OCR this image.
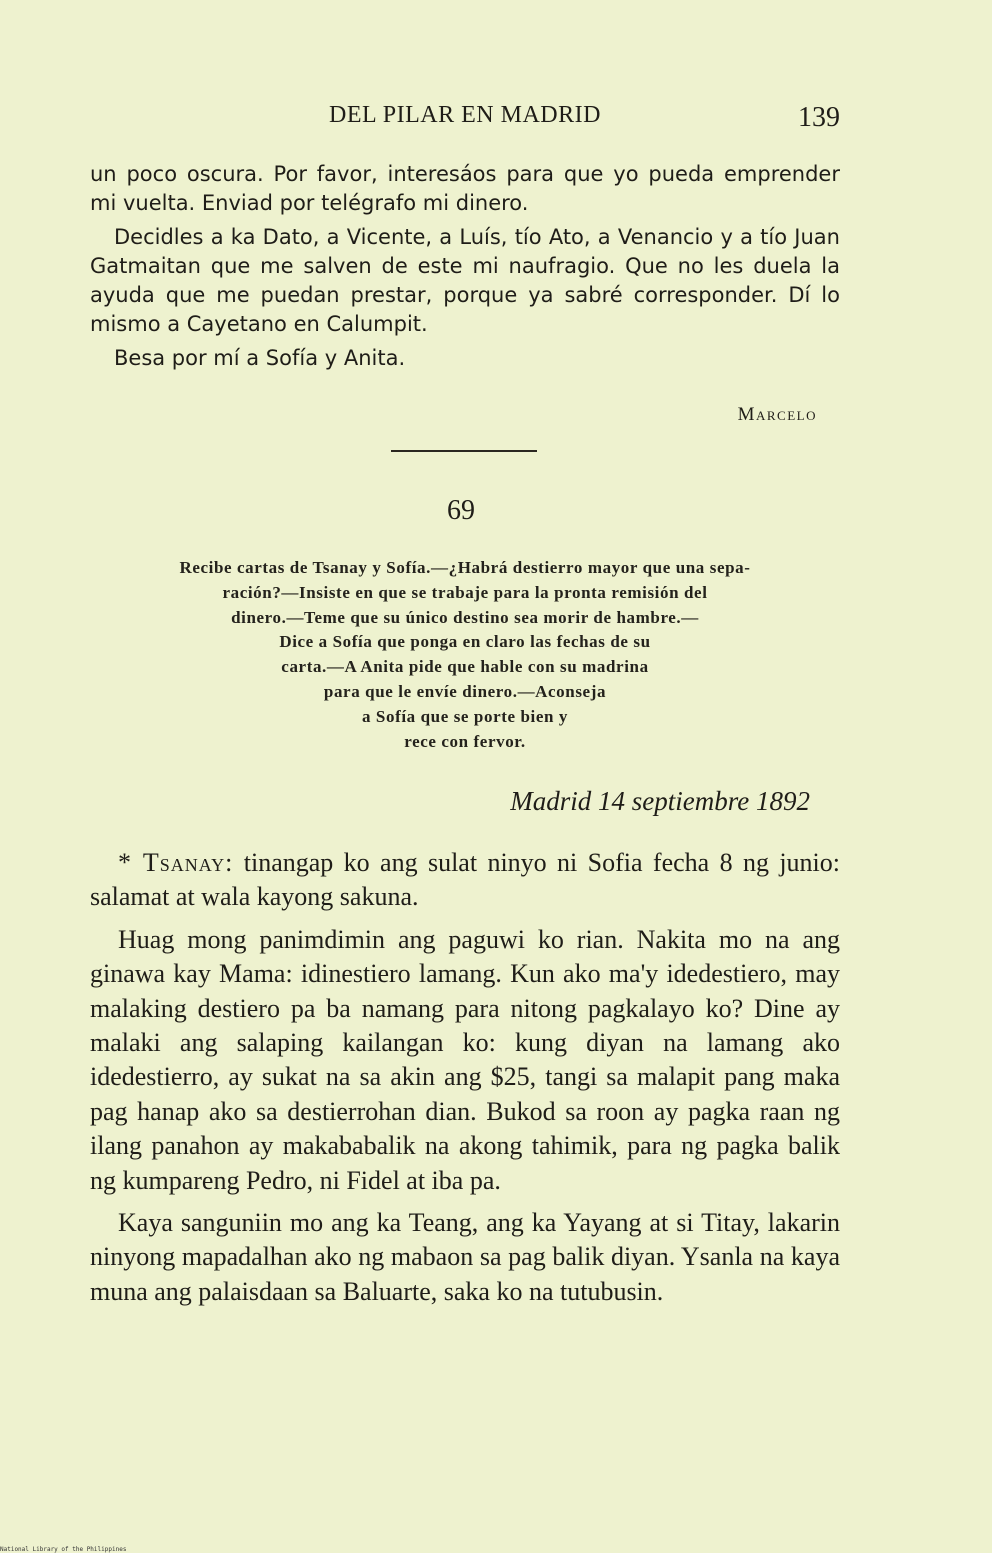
DEL PILAR EN MADRID	139

un poco oscura. Por favor, interesáos para que yo pueda emprender mi vuelta. Enviad por telégrafo mi dinero.

Decidles a ka Dato, a Vicente, a Luís, tío Ato, a Venancio y a tío Juan Gatmaitan que me salven de este mi naufragio. Que no les duela la ayuda que me puedan prestar, porque ya sabré corresponder. Dí lo mismo a Cayetano en Calumpit.

Besa por mí a Sofía y Anita.

Marcelo
69
Recibe cartas de Tsanay y Sofía.—¿Habrá destierro mayor que una sepa-
ración?—Insiste en que se trabaje para la pronta remisión del
dinero.—Teme que su único destino sea morir de hambre.—
Dice a Sofía que ponga en claro las fechas de su
carta.—A Anita pide que hable con su madrina
para que le envíe dinero.—Aconseja
a Sofía que se porte bien y
rece con fervor.
Madrid 14 septiembre 1892

* Tsanay: tinangap ko ang sulat ninyo ni Sofia fecha 8 ng junio: salamat at wala kayong sakuna.

Huag mong panimdimin ang paguwi ko rian. Nakita mo na ang ginawa kay Mama: idinestiero lamang. Kun ako ma'y idedestiero, may malaking destiero pa ba namang para nitong pagkalayo ko? Dine ay malaki ang salaping kailangan ko: kung diyan na lamang ako idedestierro, ay sukat na sa akin ang $25, tangi sa malapit pang maka pag hanap ako sa destierrohan dian. Bukod sa roon ay pagka raan ng ilang panahon ay makababalik na akong tahimik, para ng pagka balik ng kumpareng Pedro, ni Fidel at iba pa.

Kaya sanguniin mo ang ka Teang, ang ka Yayang at si Titay, lakarin ninyong mapadalhan ako ng mabaon sa pag balik diyan. Ysanla na kaya muna ang palaisdaan sa Baluarte, saka ko na tutubusin.

National Library of the Philippines
